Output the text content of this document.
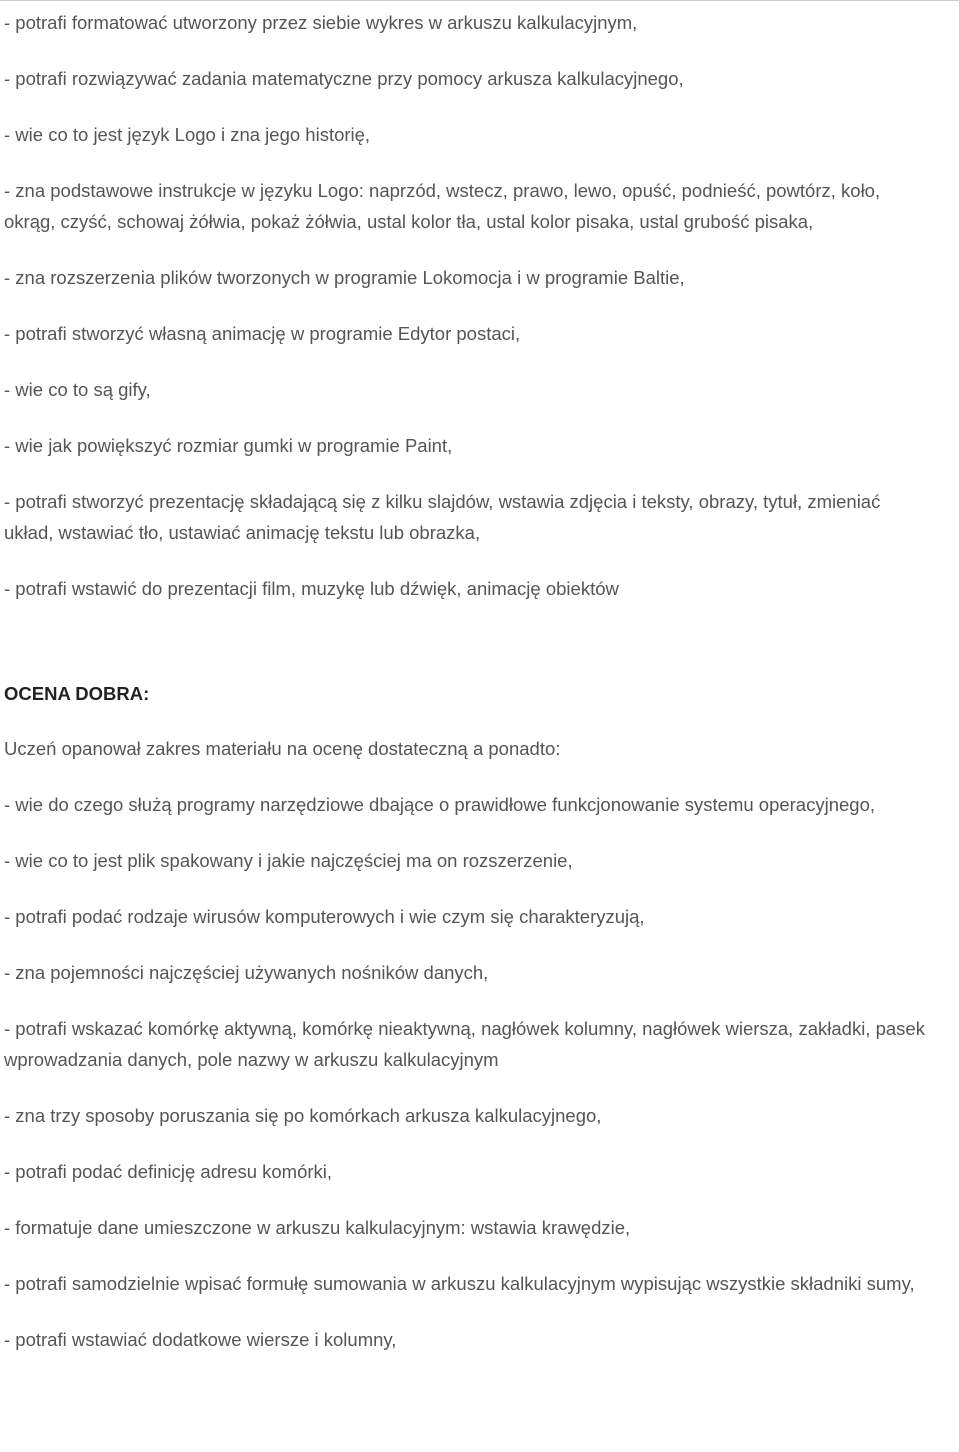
- potrafi formatować utworzony przez siebie wykres w arkuszu kalkulacyjnym,

- potrafi rozwiązywać zadania matematyczne przy pomocy arkusza kalkulacyjnego,

- wie co to jest język Logo i zna jego historię,

- zna podstawowe instrukcje w języku Logo: naprzód, wstecz, prawo, lewo, opuść, podnieść, powtórz, koło, okrąg, czyść, schowaj żółwia, pokaż żółwia, ustal kolor tła, ustal kolor pisaka, ustal grubość pisaka,

- zna rozszerzenia plików tworzonych w programie Lokomocja i w programie Baltie,

- potrafi stworzyć własną animację w programie Edytor postaci,

- wie co to są gify,

- wie jak powiększyć rozmiar gumki w programie Paint,

- potrafi stworzyć prezentację składającą się z kilku slajdów, wstawia zdjęcia i teksty, obrazy, tytuł, zmieniać układ, wstawiać tło, ustawiać animację tekstu lub obrazka,

- potrafi wstawić do prezentacji film, muzykę lub dźwięk, animację obiektów

OCENA DOBRA:

Uczeń opanował zakres materiału na ocenę dostateczną a ponadto:

- wie do czego służą programy narzędziowe dbające o prawidłowe funkcjonowanie systemu operacyjnego,

- wie co to jest plik spakowany i jakie najczęściej ma on rozszerzenie,

- potrafi podać rodzaje wirusów komputerowych i wie czym się charakteryzują,

- zna pojemności najczęściej używanych nośników danych,

- potrafi wskazać komórkę aktywną, komórkę nieaktywną, nagłówek kolumny, nagłówek wiersza, zakładki, pasek wprowadzania danych, pole nazwy w arkuszu kalkulacyjnym

- zna trzy sposoby poruszania się po komórkach arkusza kalkulacyjnego,

- potrafi podać definicję adresu komórki,

- formatuje dane umieszczone w arkuszu kalkulacyjnym: wstawia krawędzie,

- potrafi samodzielnie wpisać formułę sumowania w arkuszu kalkulacyjnym wypisując wszystkie składniki sumy,

- potrafi wstawiać dodatkowe wiersze i kolumny,
